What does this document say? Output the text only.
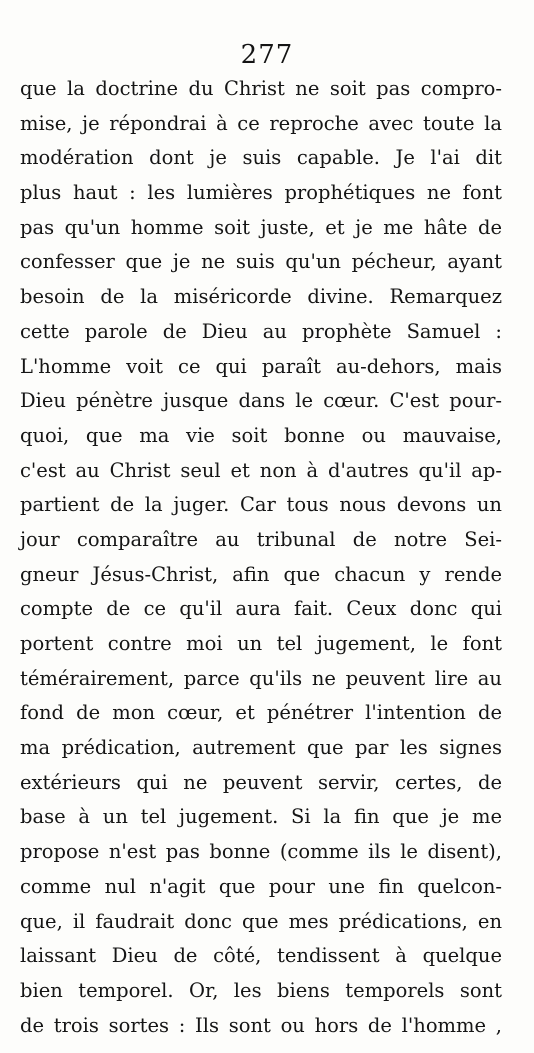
277
que la doctrine du Christ ne soit pas compro-
mise, je répondrai à ce reproche avec toute la
modération dont je suis capable. Je l'ai dit
plus haut : les lumières prophétiques ne font
pas qu'un homme soit juste, et je me hâte de
confesser que je ne suis qu'un pécheur, ayant
besoin de la miséricorde divine. Remarquez
cette parole de Dieu au prophète Samuel :
L'homme voit ce qui paraît au-dehors, mais
Dieu pénètre jusque dans le cœur. C'est pour-
quoi, que ma vie soit bonne ou mauvaise,
c'est au Christ seul et non à d'autres qu'il ap-
partient de la juger. Car tous nous devons un
jour comparaître au tribunal de notre Sei-
gneur Jésus-Christ, afin que chacun y rende
compte de ce qu'il aura fait. Ceux donc qui
portent contre moi un tel jugement, le font
témérairement, parce qu'ils ne peuvent lire au
fond de mon cœur, et pénétrer l'intention de
ma prédication, autrement que par les signes
extérieurs qui ne peuvent servir, certes, de
base à un tel jugement. Si la fin que je me
propose n'est pas bonne (comme ils le disent),
comme nul n'agit que pour une fin quelcon-
que, il faudrait donc que mes prédications, en
laissant Dieu de côté, tendissent à quelque
bien temporel. Or, les biens temporels sont
de trois sortes : Ils sont ou hors de l'homme ,
